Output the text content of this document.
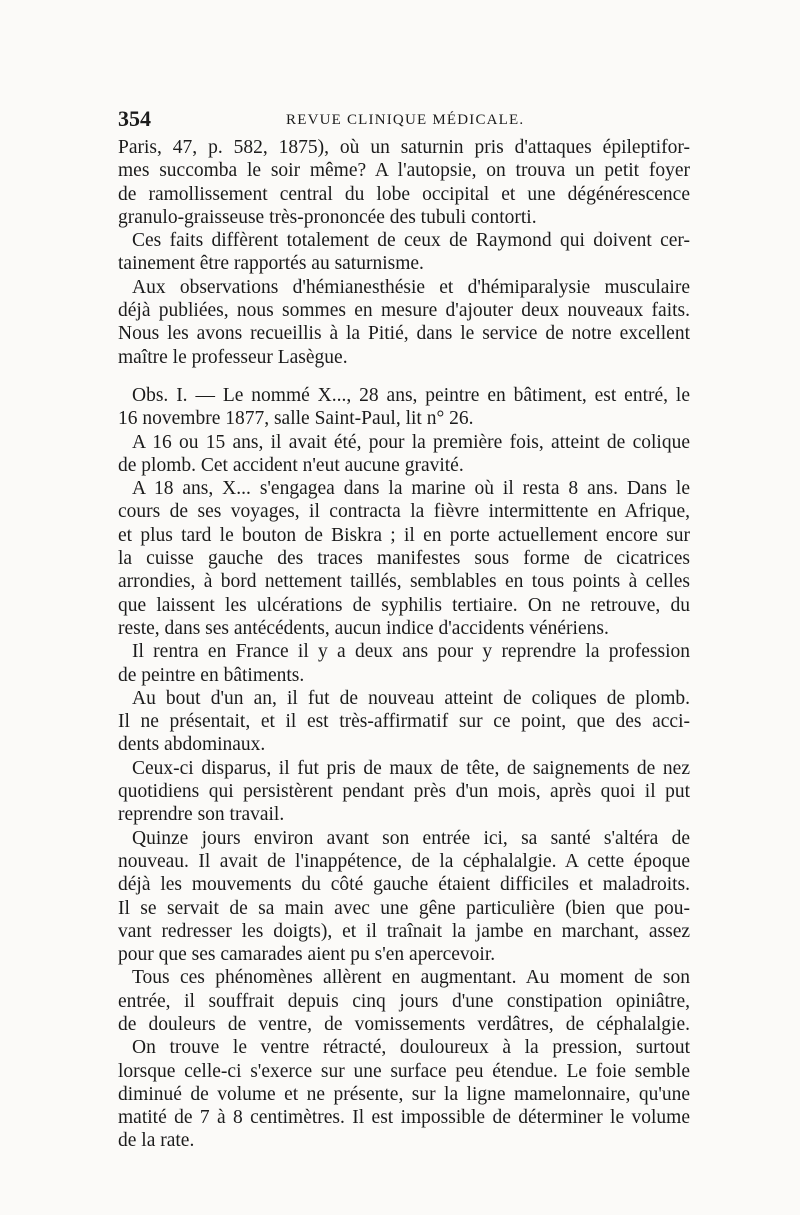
354	REVUE CLINIQUE MÉDICALE.
Paris, 47, p. 582, 1875), où un saturnin pris d'attaques épileptifor-
mes succomba le soir même? A l'autopsie, on trouva un petit foyer
de ramollissement central du lobe occipital et une dégénérescence
granulo-graisseuse très-prononcée des tubuli contorti.
Ces faits diffèrent totalement de ceux de Raymond qui doivent cer-
tainement être rapportés au saturnisme.
Aux observations d'hémianesthésie et d'hémiparalysie musculaire
déjà publiées, nous sommes en mesure d'ajouter deux nouveaux faits.
Nous les avons recueillis à la Pitié, dans le service de notre excellent
maître le professeur Lasègue.
Obs. I. — Le nommé X..., 28 ans, peintre en bâtiment, est entré, le
16 novembre 1877, salle Saint-Paul, lit n° 26.
A 16 ou 15 ans, il avait été, pour la première fois, atteint de colique
de plomb. Cet accident n'eut aucune gravité.
A 18 ans, X... s'engagea dans la marine où il resta 8 ans. Dans le
cours de ses voyages, il contracta la fièvre intermittente en Afrique,
et plus tard le bouton de Biskra ; il en porte actuellement encore sur
la cuisse gauche des traces manifestes sous forme de cicatrices
arrondies, à bord nettement taillés, semblables en tous points à celles
que laissent les ulcérations de syphilis tertiaire. On ne retrouve, du
reste, dans ses antécédents, aucun indice d'accidents vénériens.
Il rentra en France il y a deux ans pour y reprendre la profession
de peintre en bâtiments.
Au bout d'un an, il fut de nouveau atteint de coliques de plomb.
Il ne présentait, et il est très-affirmatif sur ce point, que des acci-
dents abdominaux.
Ceux-ci disparus, il fut pris de maux de tête, de saignements de nez
quotidiens qui persistèrent pendant près d'un mois, après quoi il put
reprendre son travail.
Quinze jours environ avant son entrée ici, sa santé s'altéra de
nouveau. Il avait de l'inappétence, de la céphalalgie. A cette époque
déjà les mouvements du côté gauche étaient difficiles et maladroits.
Il se servait de sa main avec une gêne particulière (bien que pou-
vant redresser les doigts), et il traînait la jambe en marchant, assez
pour que ses camarades aient pu s'en apercevoir.
Tous ces phénomènes allèrent en augmentant. Au moment de son
entrée, il souffrait depuis cinq jours d'une constipation opiniâtre,
de douleurs de ventre, de vomissements verdâtres, de céphalalgie.
On trouve le ventre rétracté, douloureux à la pression, surtout
lorsque celle-ci s'exerce sur une surface peu étendue. Le foie semble
diminué de volume et ne présente, sur la ligne mamelonnaire, qu'une
matité de 7 à 8 centimètres. Il est impossible de déterminer le volume
de la rate.
